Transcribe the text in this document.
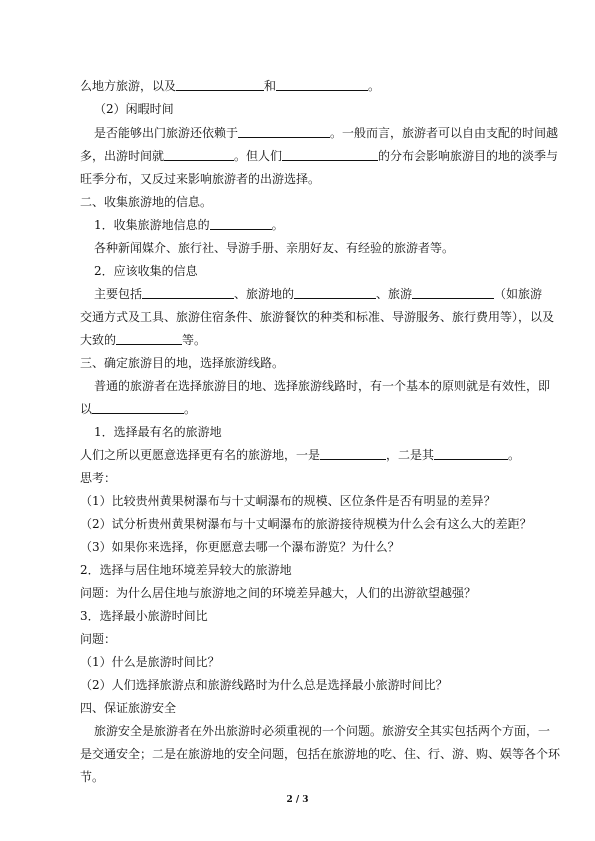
么地方旅游，以及	和	。
（2）闲暇时间
是否能够出门旅游还依赖于	。一般而言，旅游者可以自由支配的时间越
多，出游时间就	。但人们	的分布会影响旅游目的地的淡季与
旺季分布，又反过来影响旅游者的出游选择。
二、收集旅游地的信息。
1．收集旅游地信息的	。
各种新闻媒介、旅行社、导游手册、亲朋好友、有经验的旅游者等。
2．应该收集的信息
主要包括	、旅游地的	、旅游	（如旅游
交通方式及工具、旅游住宿条件、旅游餐饮的种类和标准、导游服务、旅行费用等），以及
大致的	等。
三、确定旅游目的地，选择旅游线路。
普通的旅游者在选择旅游目的地、选择旅游线路时，有一个基本的原则就是有效性，即
以	。
1．选择最有名的旅游地
人们之所以更愿意选择更有名的旅游地，一是	，二是其	。
思考：
（1）比较贵州黄果树瀑布与十丈峒瀑布的规模、区位条件是否有明显的差异？
（2）试分析贵州黄果树瀑布与十丈峒瀑布的旅游接待规模为什么会有这么大的差距？
（3）如果你来选择，你更愿意去哪一个瀑布游览？为什么？
2．选择与居住地环境差异较大的旅游地
问题：为什么居住地与旅游地之间的环境差异越大，人们的出游欲望越强？
3．选择最小旅游时间比
问题：
（1）什么是旅游时间比？
（2）人们选择旅游点和旅游线路时为什么总是选择最小旅游时间比？
四、保证旅游安全
旅游安全是旅游者在外出旅游时必须重视的一个问题。旅游安全其实包括两个方面，一
是交通安全；二是在旅游地的安全问题，包括在旅游地的吃、住、行、游、购、娱等各个环
节。
2 / 3
